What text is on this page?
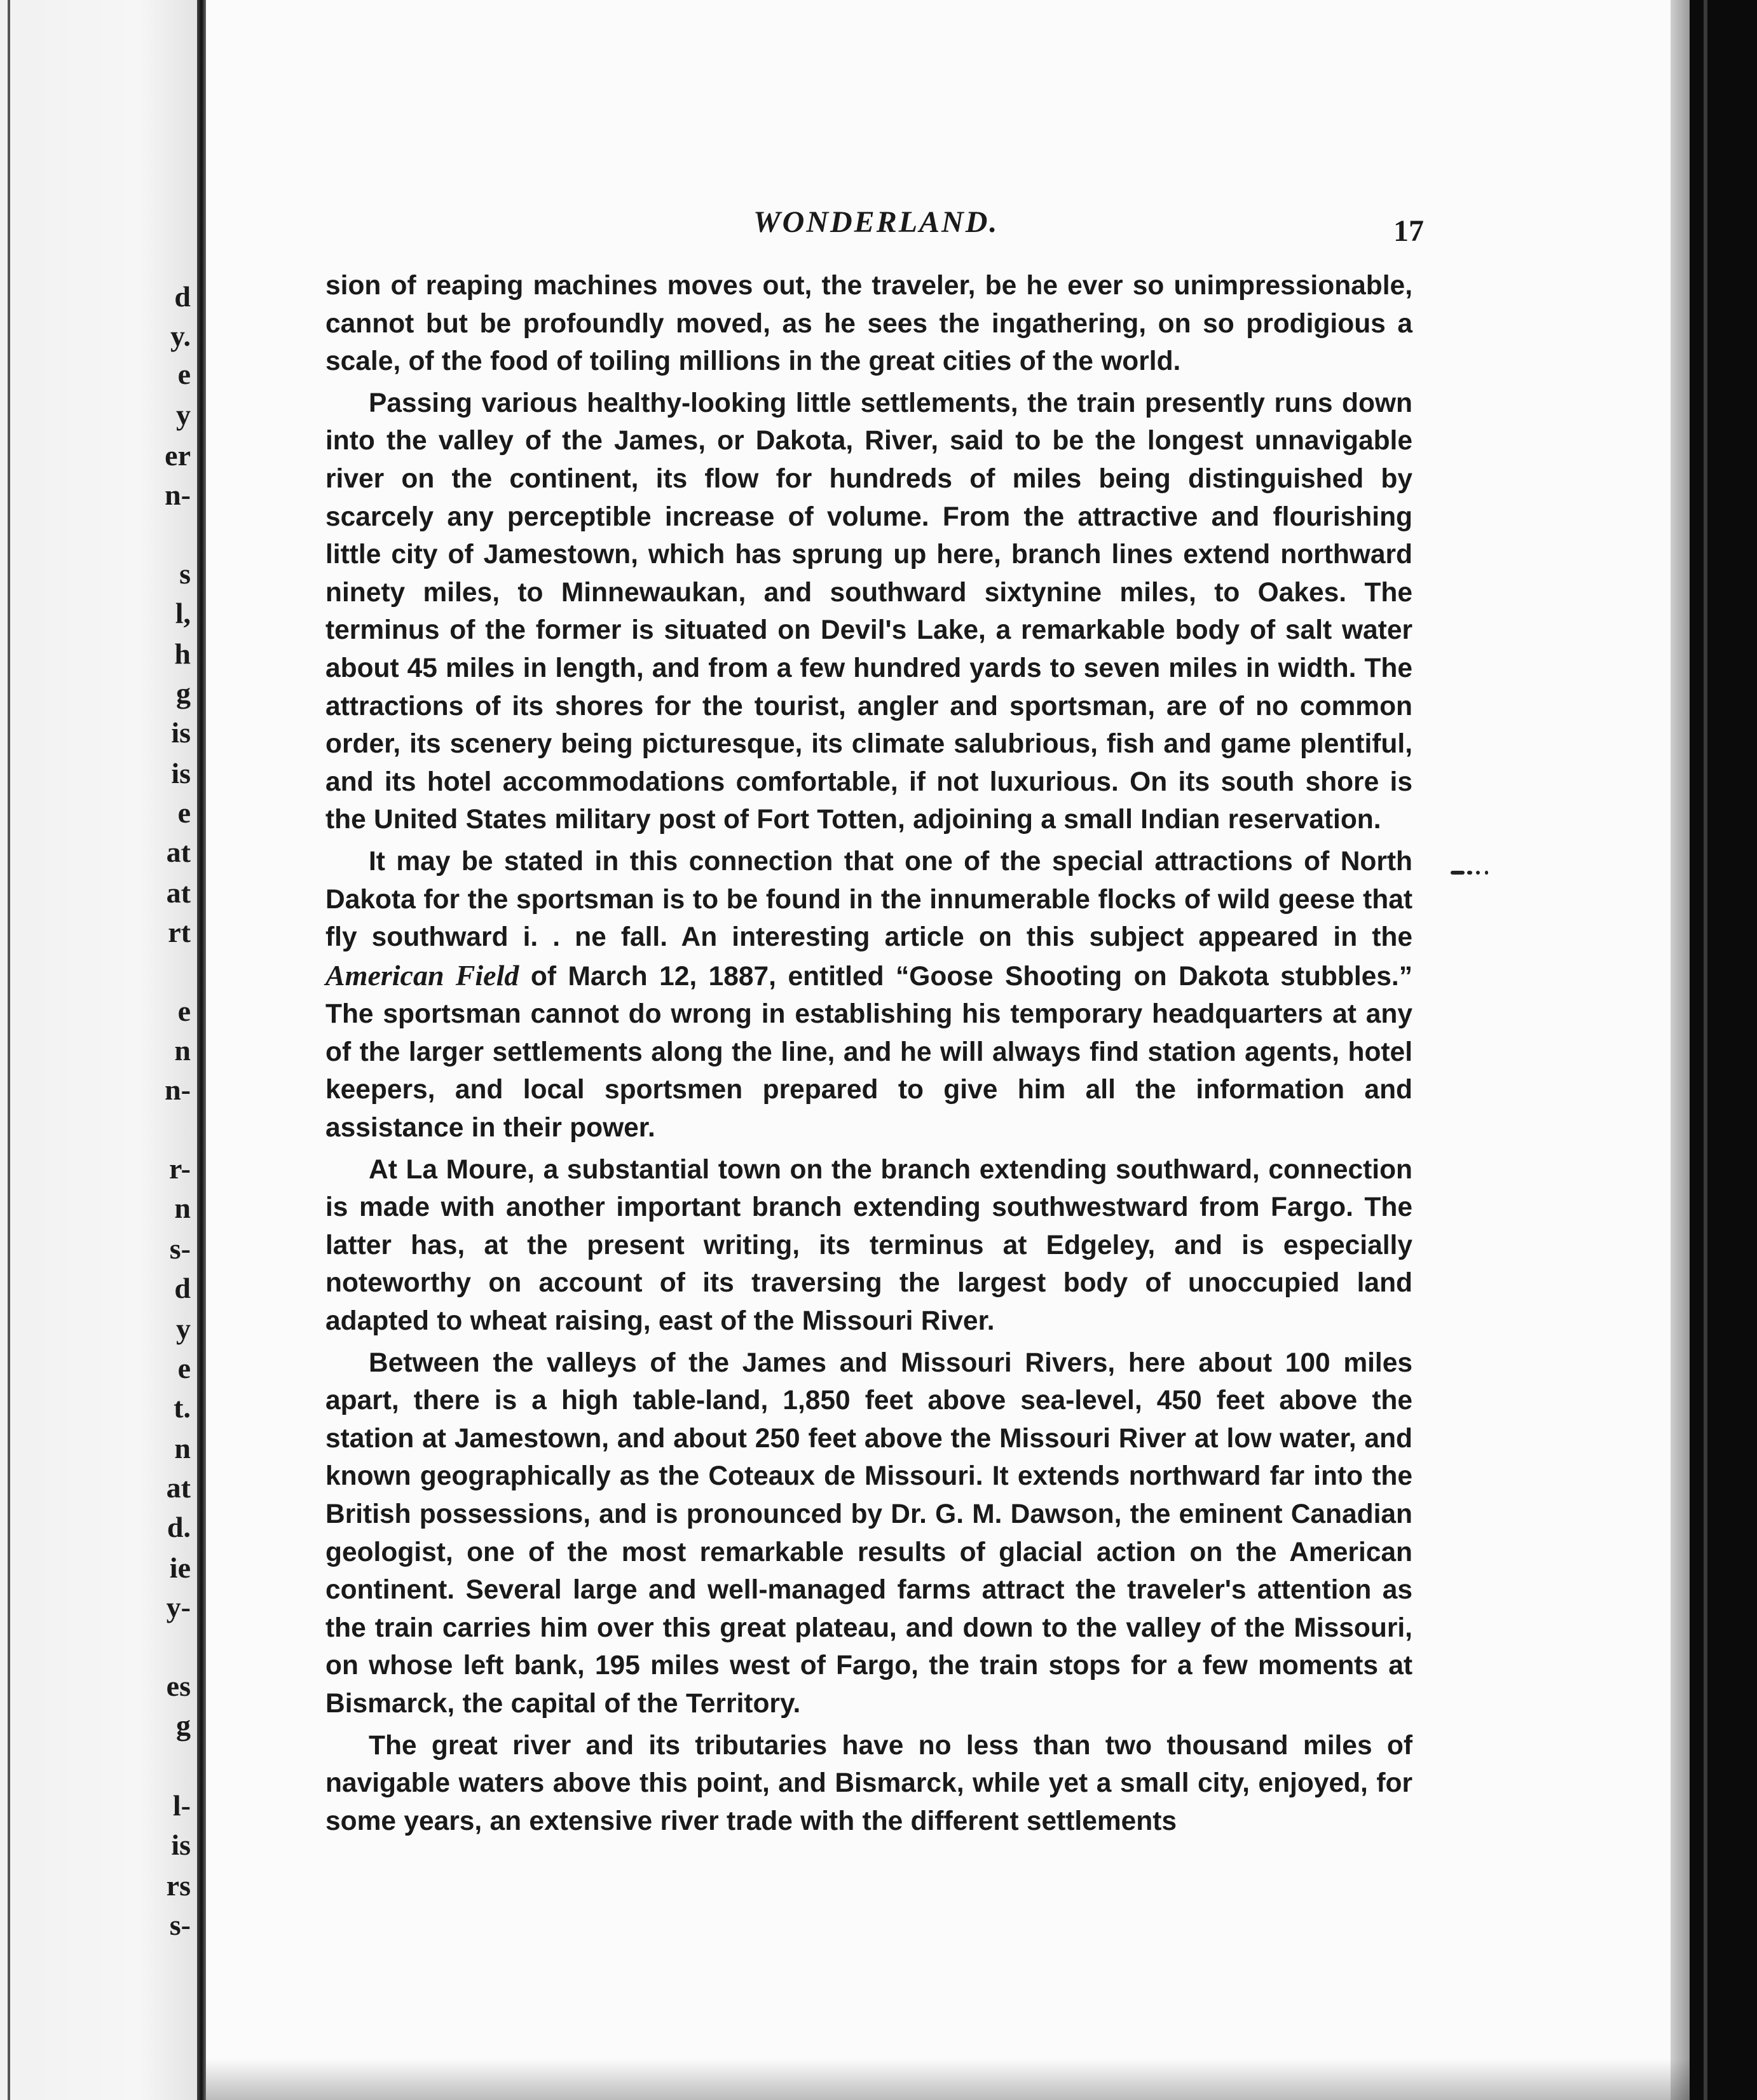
d
y.
e
y
er
n-
s
l,
h
g
is
is
e
at
at
rt
e
n
n-
r-
n
s-
d
y
e
t.
n
at
d.
ie
y-
es
g
l-
is
rs
s-
WONDERLAND.	17

sion of reaping machines moves out, the traveler, be he ever so unimpressionable, cannot but be profoundly moved, as he sees the ingathering, on so prodigious a scale, of the food of toiling millions in the great cities of the world.

Passing various healthy-looking little settlements, the train presently runs down into the valley of the James, or Dakota, River, said to be the longest unnavigable river on the continent, its flow for hundreds of miles being distinguished by scarcely any perceptible increase of volume. From the attractive and flourishing little city of Jamestown, which has sprung up here, branch lines extend northward ninety miles, to Minnewaukan, and southward sixtynine miles, to Oakes. The terminus of the former is situated on Devil's Lake, a remarkable body of salt water about 45 miles in length, and from a few hundred yards to seven miles in width. The attractions of its shores for the tourist, angler and sportsman, are of no common order, its scenery being picturesque, its climate salubrious, fish and game plentiful, and its hotel accommodations comfortable, if not luxurious. On its south shore is the United States military post of Fort Totten, adjoining a small Indian reservation.

It may be stated in this connection that one of the special attractions of North Dakota for the sportsman is to be found in the innumerable flocks of wild geese that fly southward i. . ne fall. An interesting article on this subject appeared in the American Field of March 12, 1887, entitled “Goose Shooting on Dakota stubbles.” The sportsman cannot do wrong in establishing his temporary headquarters at any of the larger settlements along the line, and he will always find station agents, hotel keepers, and local sportsmen prepared to give him all the information and assistance in their power.

At La Moure, a substantial town on the branch extending southward, connection is made with another important branch extending southwestward from Fargo. The latter has, at the present writing, its terminus at Edgeley, and is especially noteworthy on account of its traversing the largest body of unoccupied land adapted to wheat raising, east of the Missouri River.

Between the valleys of the James and Missouri Rivers, here about 100 miles apart, there is a high table-land, 1,850 feet above sea-level, 450 feet above the station at Jamestown, and about 250 feet above the Missouri River at low water, and known geographically as the Coteaux de Missouri. It extends northward far into the British possessions, and is pronounced by Dr. G. M. Dawson, the eminent Canadian geologist, one of the most remarkable results of glacial action on the American continent. Several large and well-managed farms attract the traveler's attention as the train carries him over this great plateau, and down to the valley of the Missouri, on whose left bank, 195 miles west of Fargo, the train stops for a few moments at Bismarck, the capital of the Territory.

The great river and its tributaries have no less than two thousand miles of navigable waters above this point, and Bismarck, while yet a small city, enjoyed, for some years, an extensive river trade with the different settlements
